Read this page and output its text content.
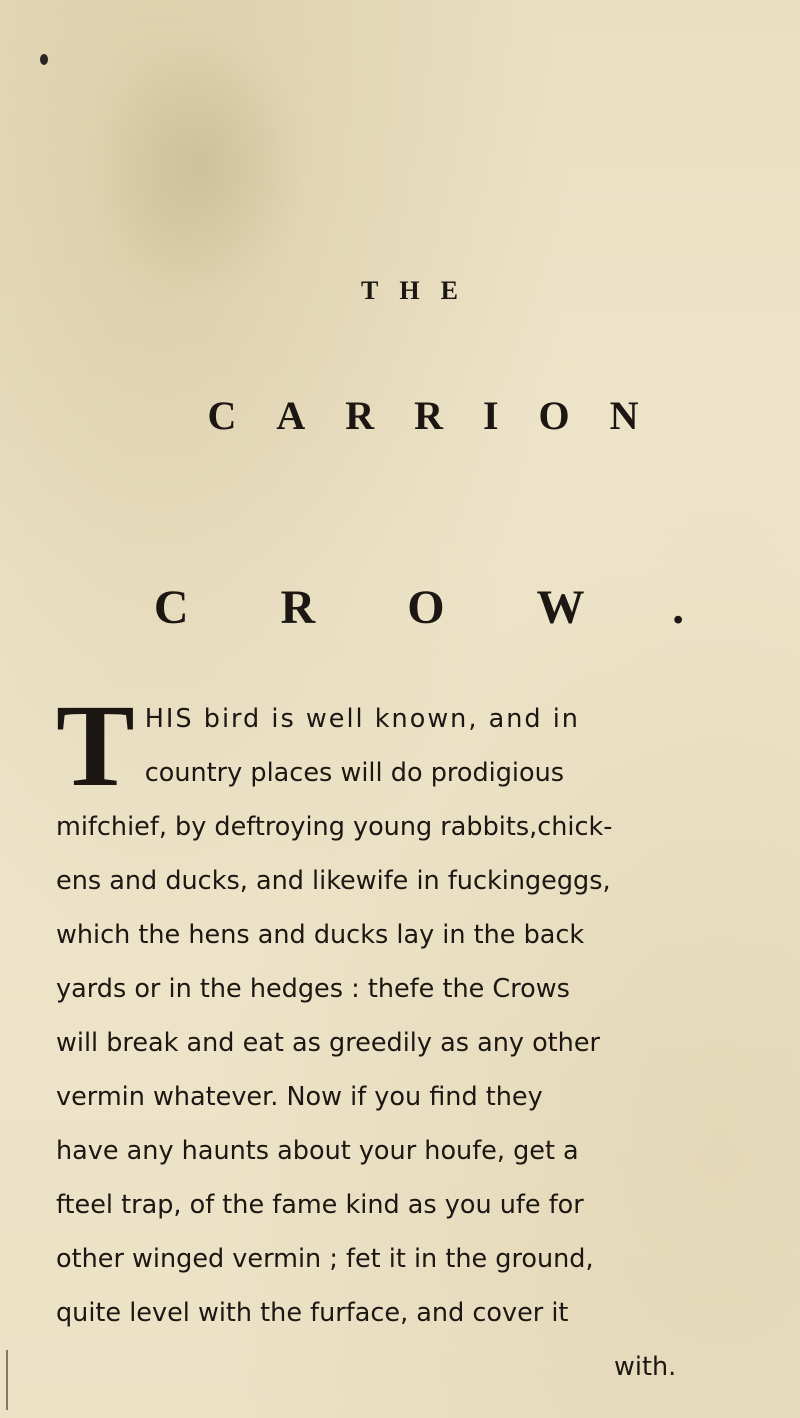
THE
CARRION
CROW.
T HIS bird is well known, and in
country places will do prodigious
mifchief, by deftroying young rabbits,chick-
ens and ducks, and likewife in fuckingeggs,
which the hens and ducks lay in the back
yards or in the hedges : thefe the Crows
will break and eat as greedily as any other
vermin whatever. Now if you find they
have any haunts about your houfe, get a
fteel trap, of the fame kind as you ufe for
other winged vermin ; fet it in the ground,
quite level with the furface, and cover it
with.
